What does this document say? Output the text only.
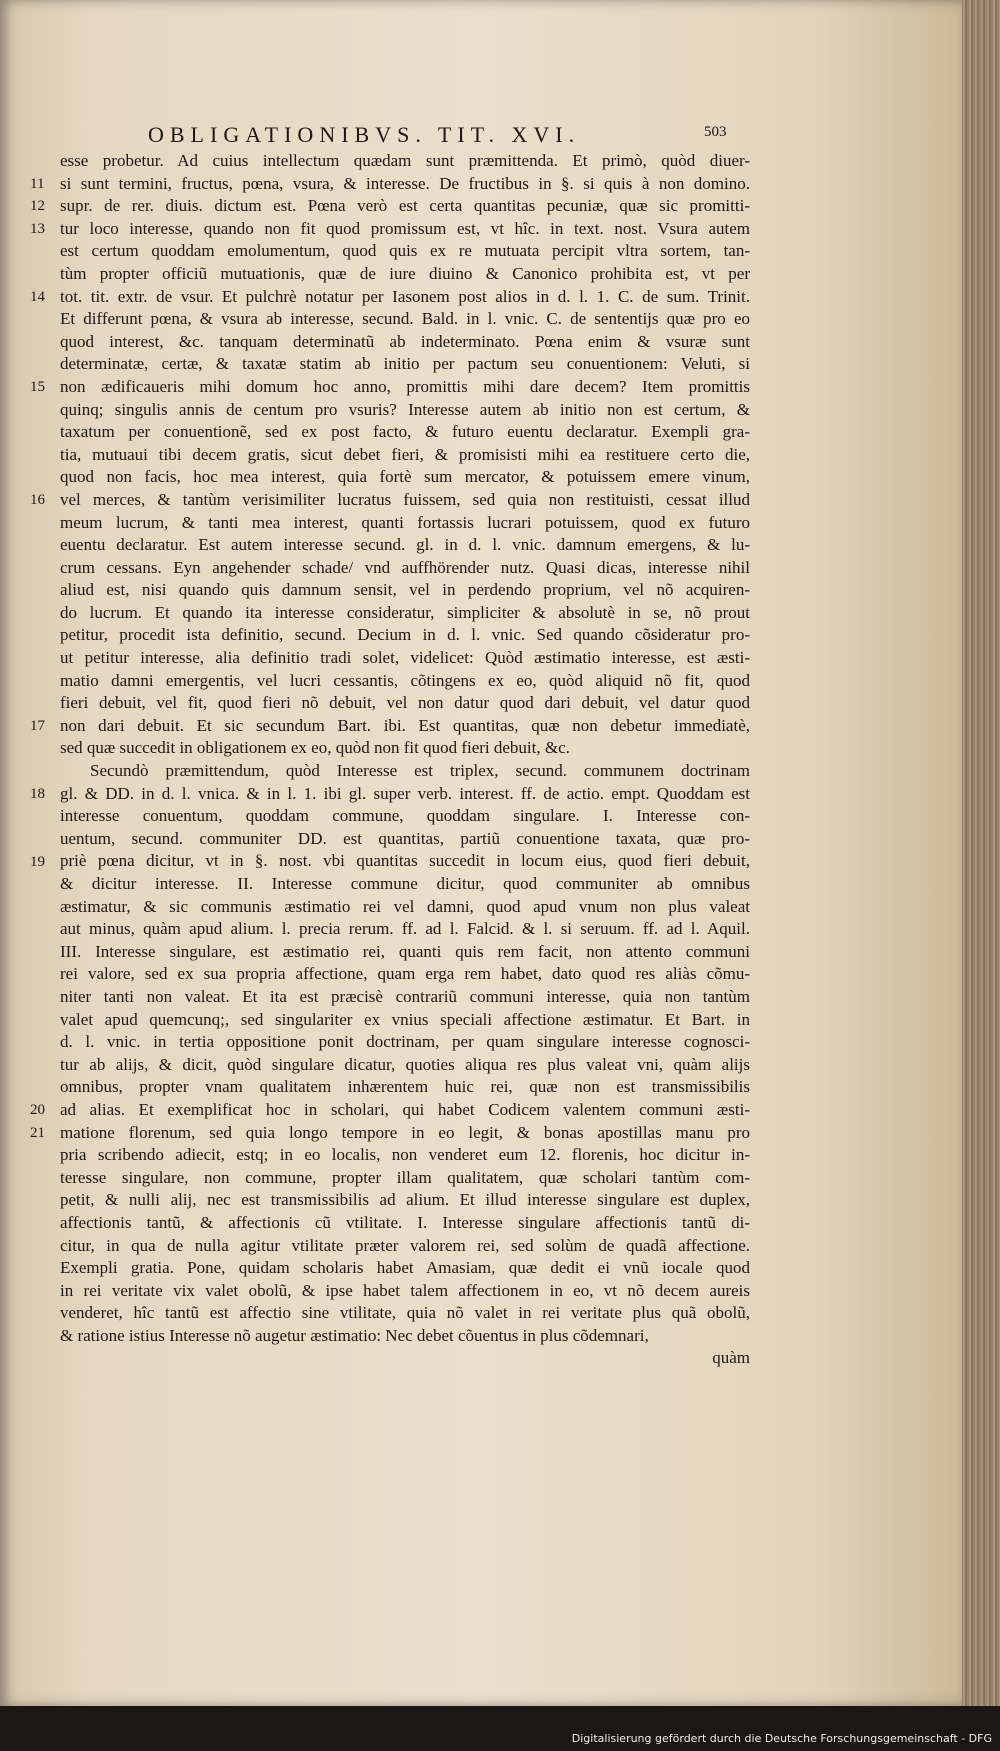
Digitalisierung gefördert durch die Deutsche Forschungsgemeinschaft - DFG
OBLIGATIONIBVS. TIT. XVI.	503
11
12
13
14
15
16
17
18
19
20
21
esse probetur. Ad cuius intellectum quædam sunt præmittenda. Et primò, quòd diuer-
si sunt termini, fructus, pœna, vsura, & interesse. De fructibus in §. si quis à non domino.
supr. de rer. diuis. dictum est. Pœna verò est certa quantitas pecuniæ, quæ sic promitti-
tur loco interesse, quando non fit quod promissum est, vt hîc. in text. nost. Vsura autem
est certum quoddam emolumentum, quod quis ex re mutuata percipit vltra sortem, tan-
tùm propter officiũ mutuationis, quæ de iure diuino & Canonico prohibita est, vt per
tot. tit. extr. de vsur. Et pulchrè notatur per Iasonem post alios in d. l. 1. C. de sum. Trinit.
Et differunt pœna, & vsura ab interesse, secund. Bald. in l. vnic. C. de sententijs quæ pro eo
quod interest, &c. tanquam determinatũ ab indeterminato. Pœna enim & vsuræ sunt
determinatæ, certæ, & taxatæ statim ab initio per pactum seu conuentionem: Veluti, si
non ædificaueris mihi domum hoc anno, promittis mihi dare decem? Item promittis
quinq; singulis annis de centum pro vsuris? Interesse autem ab initio non est certum, &
taxatum per conuentionẽ, sed ex post facto, & futuro euentu declaratur. Exempli gra-
tia, mutuaui tibi decem gratis, sicut debet fieri, & promisisti mihi ea restituere certo die,
quod non facis, hoc mea interest, quia fortè sum mercator, & potuissem emere vinum,
vel merces, & tantùm verisimiliter lucratus fuissem, sed quia non restituisti, cessat illud
meum lucrum, & tanti mea interest, quanti fortassis lucrari potuissem, quod ex futuro
euentu declaratur. Est autem interesse secund. gl. in d. l. vnic. damnum emergens, & lu-
crum cessans. Eyn angehender schade/ vnd auffhörender nutz. Quasi dicas, interesse nihil
aliud est, nisi quando quis damnum sensit, vel in perdendo proprium, vel nõ acquiren-
do lucrum. Et quando ita interesse consideratur, simpliciter & absolutè in se, nõ prout
petitur, procedit ista definitio, secund. Decium in d. l. vnic. Sed quando cõsideratur pro-
ut petitur interesse, alia definitio tradi solet, videlicet: Quòd æstimatio interesse, est æsti-
matio damni emergentis, vel lucri cessantis, cõtingens ex eo, quòd aliquid nõ fit, quod
fieri debuit, vel fit, quod fieri nõ debuit, vel non datur quod dari debuit, vel datur quod
non dari debuit. Et sic secundum Bart. ibi. Est quantitas, quæ non debetur immediatè,
sed quæ succedit in obligationem ex eo, quòd non fit quod fieri debuit, &c.
Secundò præmittendum, quòd Interesse est triplex, secund. communem doctrinam
gl. & DD. in d. l. vnica. & in l. 1. ibi gl. super verb. interest. ff. de actio. empt. Quoddam est
interesse conuentum, quoddam commune, quoddam singulare. I. Interesse con-
uentum, secund. communiter DD. est quantitas, partiũ conuentione taxata, quæ pro-
priè pœna dicitur, vt in §. nost. vbi quantitas succedit in locum eius, quod fieri debuit,
& dicitur interesse. II. Interesse commune dicitur, quod communiter ab omnibus
æstimatur, & sic communis æstimatio rei vel damni, quod apud vnum non plus valeat
aut minus, quàm apud alium. l. precia rerum. ff. ad l. Falcid. & l. si seruum. ff. ad l. Aquil.
III. Interesse singulare, est æstimatio rei, quanti quis rem facit, non attento communi
rei valore, sed ex sua propria affectione, quam erga rem habet, dato quod res aliàs cõmu-
niter tanti non valeat. Et ita est præcisè contrariũ communi interesse, quia non tantùm
valet apud quemcunq;, sed singulariter ex vnius speciali affectione æstimatur. Et Bart. in
d. l. vnic. in tertia oppositione ponit doctrinam, per quam singulare interesse cognosci-
tur ab alijs, & dicit, quòd singulare dicatur, quoties aliqua res plus valeat vni, quàm alijs
omnibus, propter vnam qualitatem inhærentem huic rei, quæ non est transmissibilis
ad alias. Et exemplificat hoc in scholari, qui habet Codicem valentem communi æsti-
matione florenum, sed quia longo tempore in eo legit, & bonas apostillas manu pro
pria scribendo adiecit, estq; in eo localis, non venderet eum 12. florenis, hoc dicitur in-
teresse singulare, non commune, propter illam qualitatem, quæ scholari tantùm com-
petit, & nulli alij, nec est transmissibilis ad alium. Et illud interesse singulare est duplex,
affectionis tantũ, & affectionis cũ vtilitate. I. Interesse singulare affectionis tantũ di-
citur, in qua de nulla agitur vtilitate præter valorem rei, sed solùm de quadã affectione.
Exempli gratia. Pone, quidam scholaris habet Amasiam, quæ dedit ei vnũ iocale quod
in rei veritate vix valet obolũ, & ipse habet talem affectionem in eo, vt nõ decem aureis
venderet, hîc tantũ est affectio sine vtilitate, quia nõ valet in rei veritate plus quã obolũ,
& ratione istius Interesse nõ augetur æstimatio: Nec debet cõuentus in plus cõdemnari,
quàm
